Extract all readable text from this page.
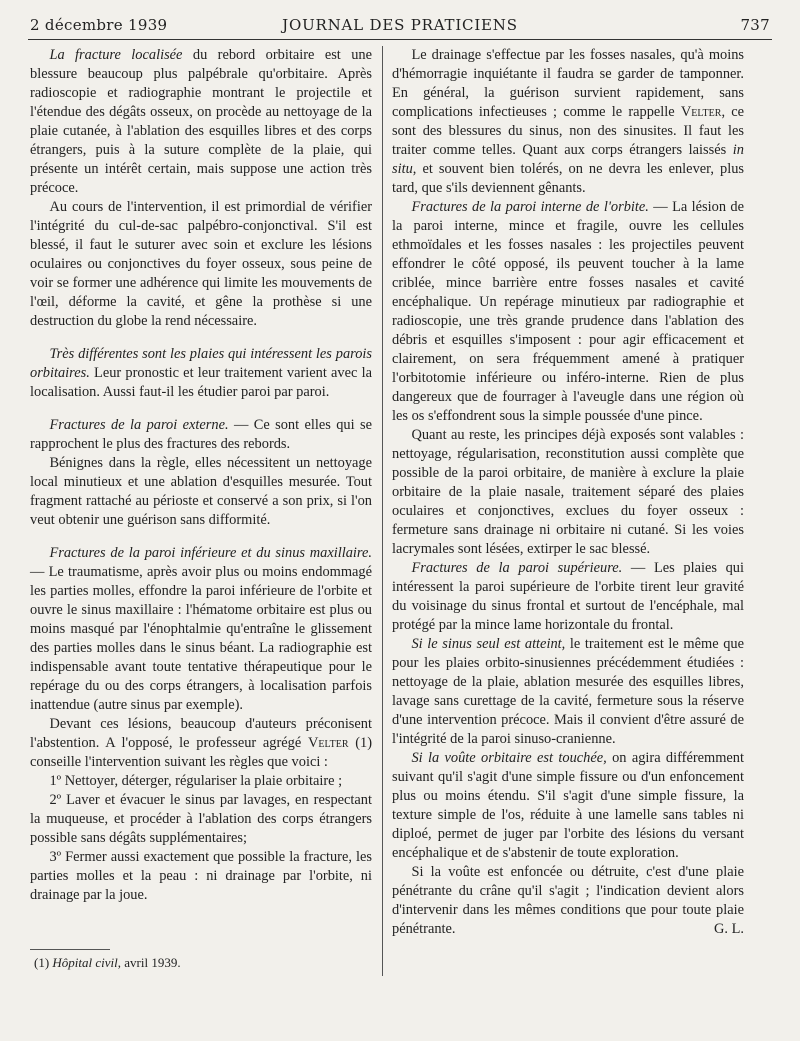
2 décembre 1939	JOURNAL DES PRATICIENS	737

La fracture localisée du rebord orbitaire est une blessure beaucoup plus palpébrale qu'orbitaire. Après radioscopie et radiographie montrant le projectile et l'étendue des dégâts osseux, on procède au nettoyage de la plaie cutanée, à l'ablation des esquilles libres et des corps étrangers, puis à la suture complète de la plaie, qui présente un intérêt certain, mais suppose une action très précoce.

Au cours de l'intervention, il est primordial de vérifier l'intégrité du cul-de-sac palpébro-conjonctival. S'il est blessé, il faut le suturer avec soin et exclure les lésions oculaires ou conjonctives du foyer osseux, sous peine de voir se former une adhérence qui limite les mouvements de l'œil, déforme la cavité, et gêne la prothèse si une destruction du globe la rend nécessaire.

Très différentes sont les plaies qui intéressent les parois orbitaires. Leur pronostic et leur traitement varient avec la localisation. Aussi faut-il les étudier paroi par paroi.

Fractures de la paroi externe. — Ce sont elles qui se rapprochent le plus des fractures des rebords.

Bénignes dans la règle, elles nécessitent un nettoyage local minutieux et une ablation d'esquilles mesurée. Tout fragment rattaché au périoste et conservé a son prix, si l'on veut obtenir une guérison sans difformité.

Fractures de la paroi inférieure et du sinus maxillaire. — Le traumatisme, après avoir plus ou moins endommagé les parties molles, effondre la paroi inférieure de l'orbite et ouvre le sinus maxillaire : l'hématome orbitaire est plus ou moins masqué par l'énophtalmie qu'entraîne le glissement des parties molles dans le sinus béant. La radiographie est indispensable avant toute tentative thérapeutique pour le repérage du ou des corps étrangers, à localisation parfois inattendue (autre sinus par exemple).

Devant ces lésions, beaucoup d'auteurs préconisent l'abstention. A l'opposé, le professeur agrégé Velter (1) conseille l'intervention suivant les règles que voici :

1º Nettoyer, déterger, régulariser la plaie orbitaire ;

2º Laver et évacuer le sinus par lavages, en respectant la muqueuse, et procéder à l'ablation des corps étrangers possible sans dégâts supplémentaires;

3º Fermer aussi exactement que possible la fracture, les parties molles et la peau : ni drainage par l'orbite, ni drainage par la joue.

(1) Hôpital civil, avril 1939.

Le drainage s'effectue par les fosses nasales, qu'à moins d'hémorragie inquiétante il faudra se garder de tamponner. En général, la guérison survient rapidement, sans complications infectieuses ; comme le rappelle Velter, ce sont des blessures du sinus, non des sinusites. Il faut les traiter comme telles. Quant aux corps étrangers laissés in situ, et souvent bien tolérés, on ne devra les enlever, plus tard, que s'ils deviennent gênants.

Fractures de la paroi interne de l'orbite. — La lésion de la paroi interne, mince et fragile, ouvre les cellules ethmoïdales et les fosses nasales : les projectiles peuvent effondrer le côté opposé, ils peuvent toucher à la lame criblée, mince barrière entre fosses nasales et cavité encéphalique. Un repérage minutieux par radiographie et radioscopie, une très grande prudence dans l'ablation des débris et esquilles s'imposent : pour agir efficacement et clairement, on sera fréquemment amené à pratiquer l'orbitotomie inférieure ou inféro-interne. Rien de plus dangereux que de fourrager à l'aveugle dans une région où les os s'effondrent sous la simple poussée d'une pince.

Quant au reste, les principes déjà exposés sont valables : nettoyage, régularisation, reconstitution aussi complète que possible de la paroi orbitaire, de manière à exclure la plaie orbitaire de la plaie nasale, traitement séparé des plaies oculaires et conjonctives, exclues du foyer osseux : fermeture sans drainage ni orbitaire ni cutané. Si les voies lacrymales sont lésées, extirper le sac blessé.

Fractures de la paroi supérieure. — Les plaies qui intéressent la paroi supérieure de l'orbite tirent leur gravité du voisinage du sinus frontal et surtout de l'encéphale, mal protégé par la mince lame horizontale du frontal.

Si le sinus seul est atteint, le traitement est le même que pour les plaies orbito-sinusiennes précédemment étudiées : nettoyage de la plaie, ablation mesurée des esquilles libres, lavage sans curettage de la cavité, fermeture sous la réserve d'une intervention précoce. Mais il convient d'être assuré de l'intégrité de la paroi sinuso-cranienne.

Si la voûte orbitaire est touchée, on agira différemment suivant qu'il s'agit d'une simple fissure ou d'un enfoncement plus ou moins étendu. S'il s'agit d'une simple fissure, la texture simple de l'os, réduite à une lamelle sans tables ni diploé, permet de juger par l'orbite des lésions du versant encéphalique et de s'abstenir de toute exploration.

Si la voûte est enfoncée ou détruite, c'est d'une plaie pénétrante du crâne qu'il s'agit ; l'indication devient alors d'intervenir dans les mêmes conditions que pour toute plaie pénétrante.	G. L.
